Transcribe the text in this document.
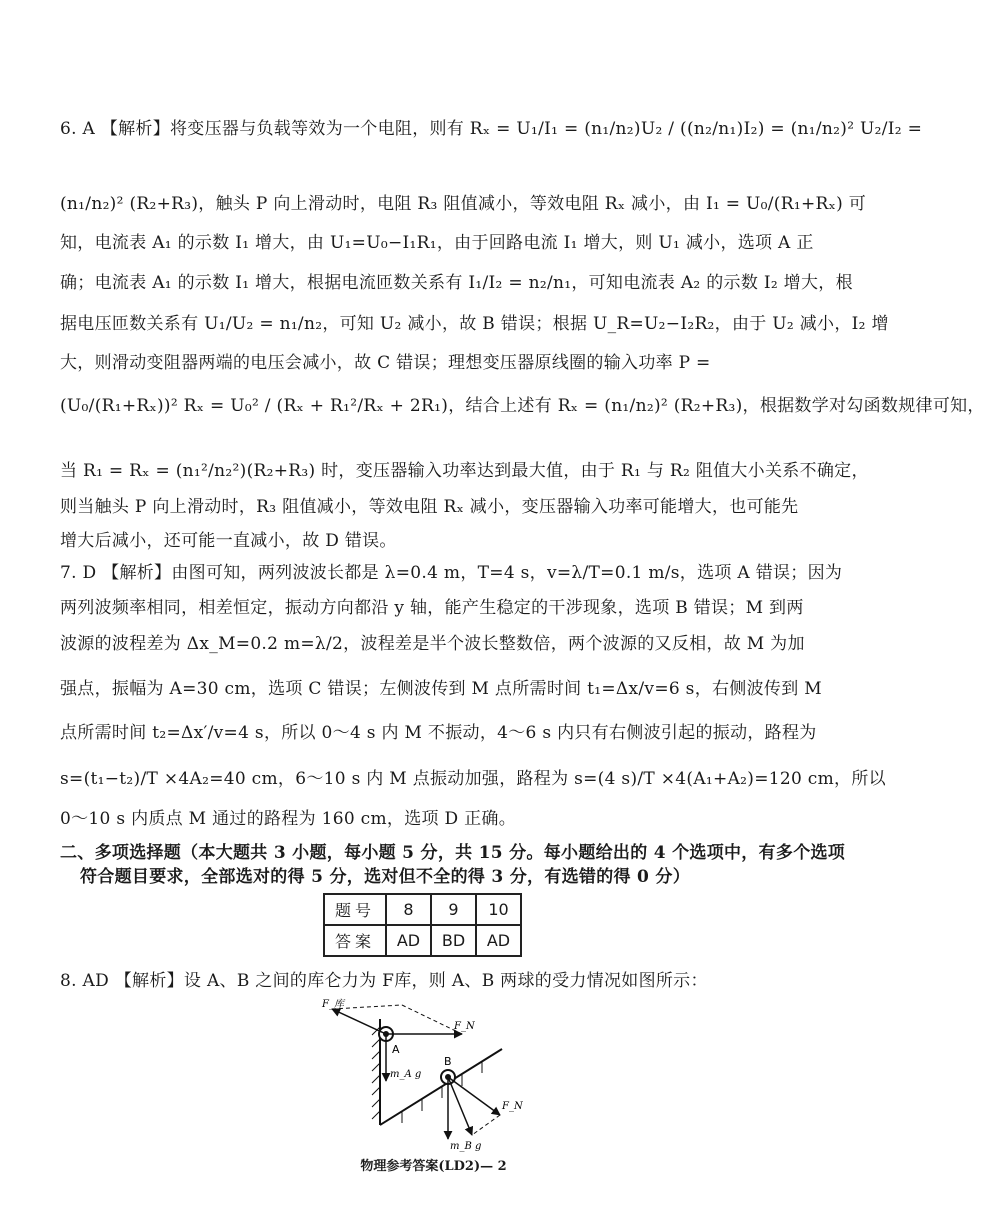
6. A 【解析】将变压器与负载等效为一个电阻，则有 Rₓ = U₁/I₁ = (n₁/n₂)U₂ / ((n₂/n₁)I₂) = (n₁/n₂)² U₂/I₂ =
(n₁/n₂)² (R₂+R₃)，触头 P 向上滑动时，电阻 R₃ 阻值减小，等效电阻 Rₓ 减小，由 I₁ = U₀/(R₁+Rₓ) 可
知，电流表 A₁ 的示数 I₁ 增大，由 U₁=U₀−I₁R₁，由于回路电流 I₁ 增大，则 U₁ 减小，选项 A 正
确；电流表 A₁ 的示数 I₁ 增大，根据电流匝数关系有 I₁/I₂ = n₂/n₁，可知电流表 A₂ 的示数 I₂ 增大，根
据电压匝数关系有 U₁/U₂ = n₁/n₂，可知 U₂ 减小，故 B 错误；根据 U_R=U₂−I₂R₂，由于 U₂ 减小，I₂ 增
大，则滑动变阻器两端的电压会减小，故 C 错误；理想变压器原线圈的输入功率 P =
(U₀/(R₁+Rₓ))² Rₓ = U₀² / (Rₓ + R₁²/Rₓ + 2R₁)，结合上述有 Rₓ = (n₁/n₂)² (R₂+R₃)，根据数学对勾函数规律可知，
当 R₁ = Rₓ = (n₁²/n₂²)(R₂+R₃) 时，变压器输入功率达到最大值，由于 R₁ 与 R₂ 阻值大小关系不确定，
则当触头 P 向上滑动时，R₃ 阻值减小，等效电阻 Rₓ 减小，变压器输入功率可能增大，也可能先
增大后减小，还可能一直减小，故 D 错误。
7. D 【解析】由图可知，两列波波长都是 λ=0.4 m，T=4 s，v=λ/T=0.1 m/s，选项 A 错误；因为
两列波频率相同，相差恒定，振动方向都沿 y 轴，能产生稳定的干涉现象，选项 B 错误；M 到两
波源的波程差为 Δx_M=0.2 m=λ/2，波程差是半个波长整数倍，两个波源的又反相，故 M 为加
强点，振幅为 A=30 cm，选项 C 错误；左侧波传到 M 点所需时间 t₁=Δx/v=6 s，右侧波传到 M
点所需时间 t₂=Δx′/v=4 s，所以 0～4 s 内 M 不振动，4～6 s 内只有右侧波引起的振动，路程为
s=(t₁−t₂)/T ×4A₂=40 cm，6～10 s 内 M 点振动加强，路程为 s=(4 s)/T ×4(A₁+A₂)=120 cm，所以
0～10 s 内质点 M 通过的路程为 160 cm，选项 D 正确。
二、多项选择题（本大题共 3 小题，每小题 5 分，共 15 分。每小题给出的 4 个选项中，有多个选项
符合题目要求，全部选对的得 5 分，选对但不全的得 3 分，有选错的得 0 分）
题号	8	9	10
答案	AD	BD	AD
8. AD 【解析】设 A、B 之间的库仑力为 F库，则 A、B 两球的受力情况如图所示：
F_库
F_N
A
B
m_A g
m_B g
F_N
物理参考答案(LD2)— 2
